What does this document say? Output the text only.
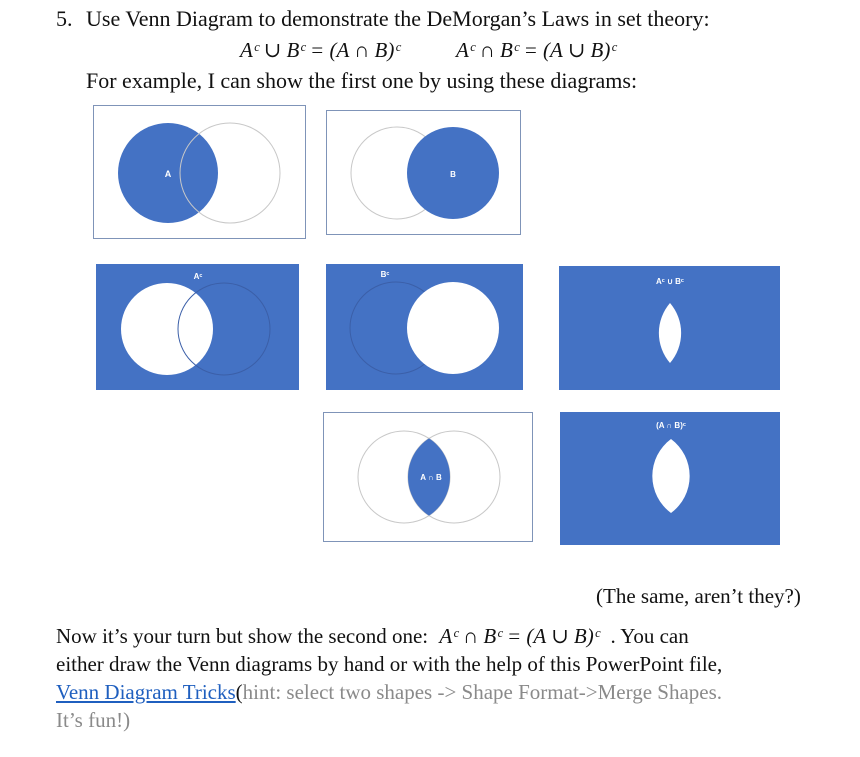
5. Use Venn Diagram to demonstrate the DeMorgan’s Laws in set theory:
Aᶜ ∪ Bᶜ = (A ∩ B)ᶜ	Aᶜ ∩ Bᶜ = (A ∪ B)ᶜ
For example, I can show the first one by using these diagrams:
A	B
Aᶜ	Bᶜ
Aᶜ ∪ Bᶜ
A ∩ B
(A ∩ B)ᶜ
(The same, aren’t they?)
Now it’s your turn but show the second one: Aᶜ ∩ Bᶜ = (A ∪ B)ᶜ . You can
either draw the Venn diagrams by hand or with the help of this PowerPoint file,
Venn Diagram Tricks(hint: select two shapes -> Shape Format->Merge Shapes.
It’s fun!)
